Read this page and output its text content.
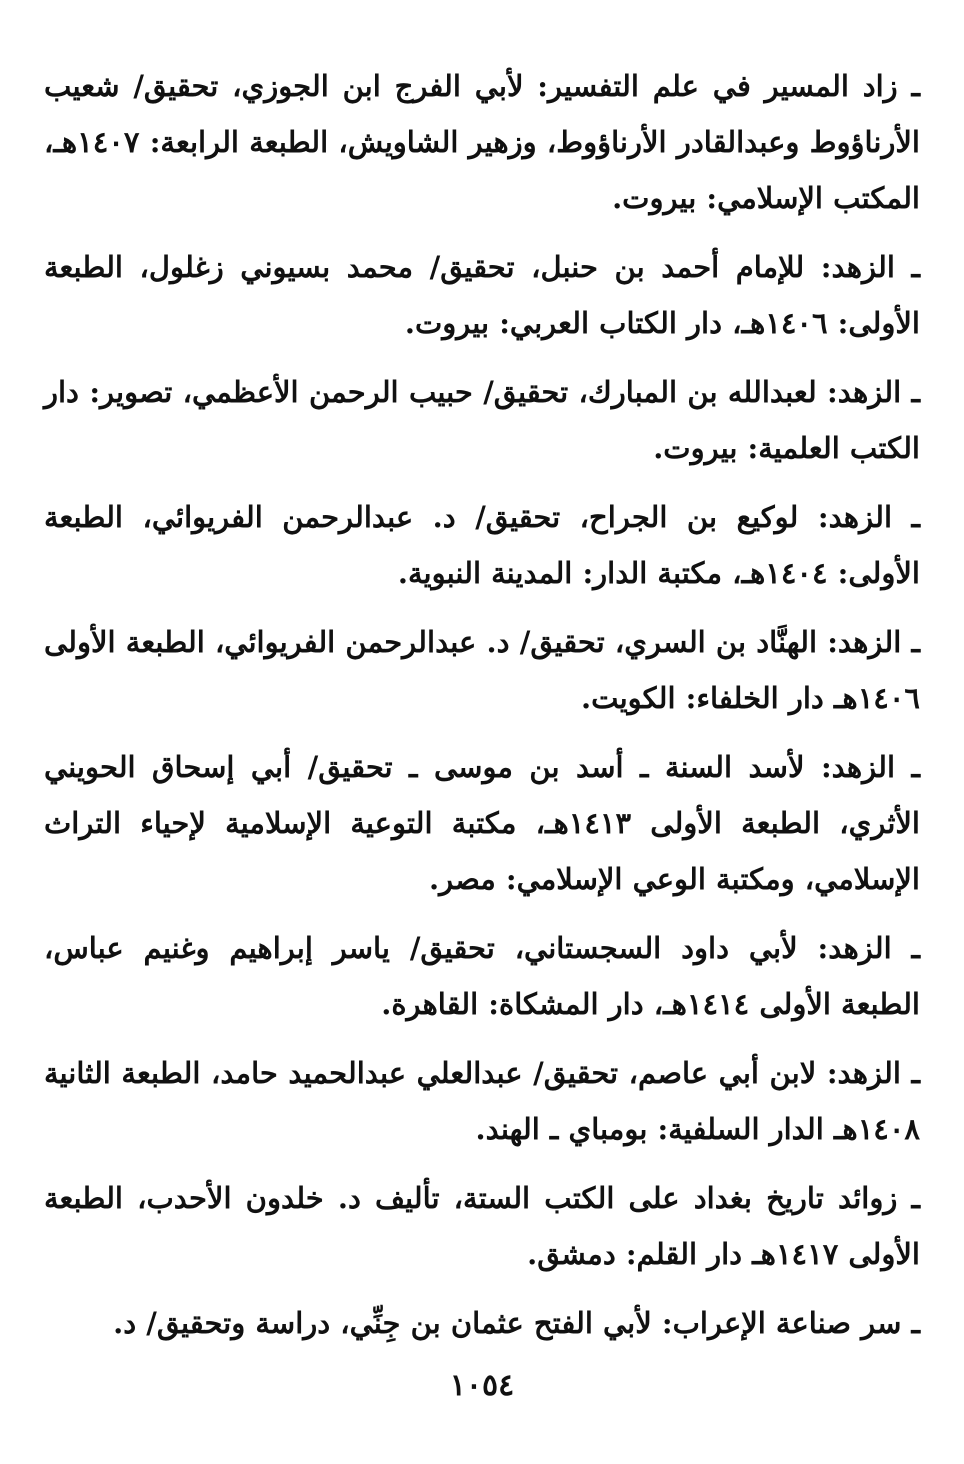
ـ زاد المسير في علم التفسير: لأبي الفرج ابن الجوزي، تحقيق/ شعيب الأرناؤوط وعبدالقادر الأرناؤوط، وزهير الشاويش، الطبعة الرابعة: ١٤٠٧هـ، المكتب الإسلامي: بيروت.

ـ الزهد: للإمام أحمد بن حنبل، تحقيق/ محمد بسيوني زغلول، الطبعة الأولى: ١٤٠٦هـ، دار الكتاب العربي: بيروت.

ـ الزهد: لعبدالله بن المبارك، تحقيق/ حبيب الرحمن الأعظمي، تصوير: دار الكتب العلمية: بيروت.

ـ الزهد: لوكيع بن الجراح، تحقيق/ د. عبدالرحمن الفريوائي، الطبعة الأولى: ١٤٠٤هـ، مكتبة الدار: المدينة النبوية.

ـ الزهد: الهنَّاد بن السري، تحقيق/ د. عبدالرحمن الفريوائي، الطبعة الأولى ١٤٠٦هـ دار الخلفاء: الكويت.

ـ الزهد: لأسد السنة ـ أسد بن موسى ـ تحقيق/ أبي إسحاق الحويني الأثري، الطبعة الأولى ١٤١٣هـ، مكتبة التوعية الإسلامية لإحياء التراث الإسلامي، ومكتبة الوعي الإسلامي: مصر.

ـ الزهد: لأبي داود السجستاني، تحقيق/ ياسر إبراهيم وغنيم عباس، الطبعة الأولى ١٤١٤هـ، دار المشكاة: القاهرة.

ـ الزهد: لابن أبي عاصم، تحقيق/ عبدالعلي عبدالحميد حامد، الطبعة الثانية ١٤٠٨هـ الدار السلفية: بومباي ـ الهند.

ـ زوائد تاريخ بغداد على الكتب الستة، تأليف د. خلدون الأحدب، الطبعة الأولى ١٤١٧هـ دار القلم: دمشق.

ـ سر صناعة الإعراب: لأبي الفتح عثمان بن جِنِّي، دراسة وتحقيق/ د.

١٠٥٤
